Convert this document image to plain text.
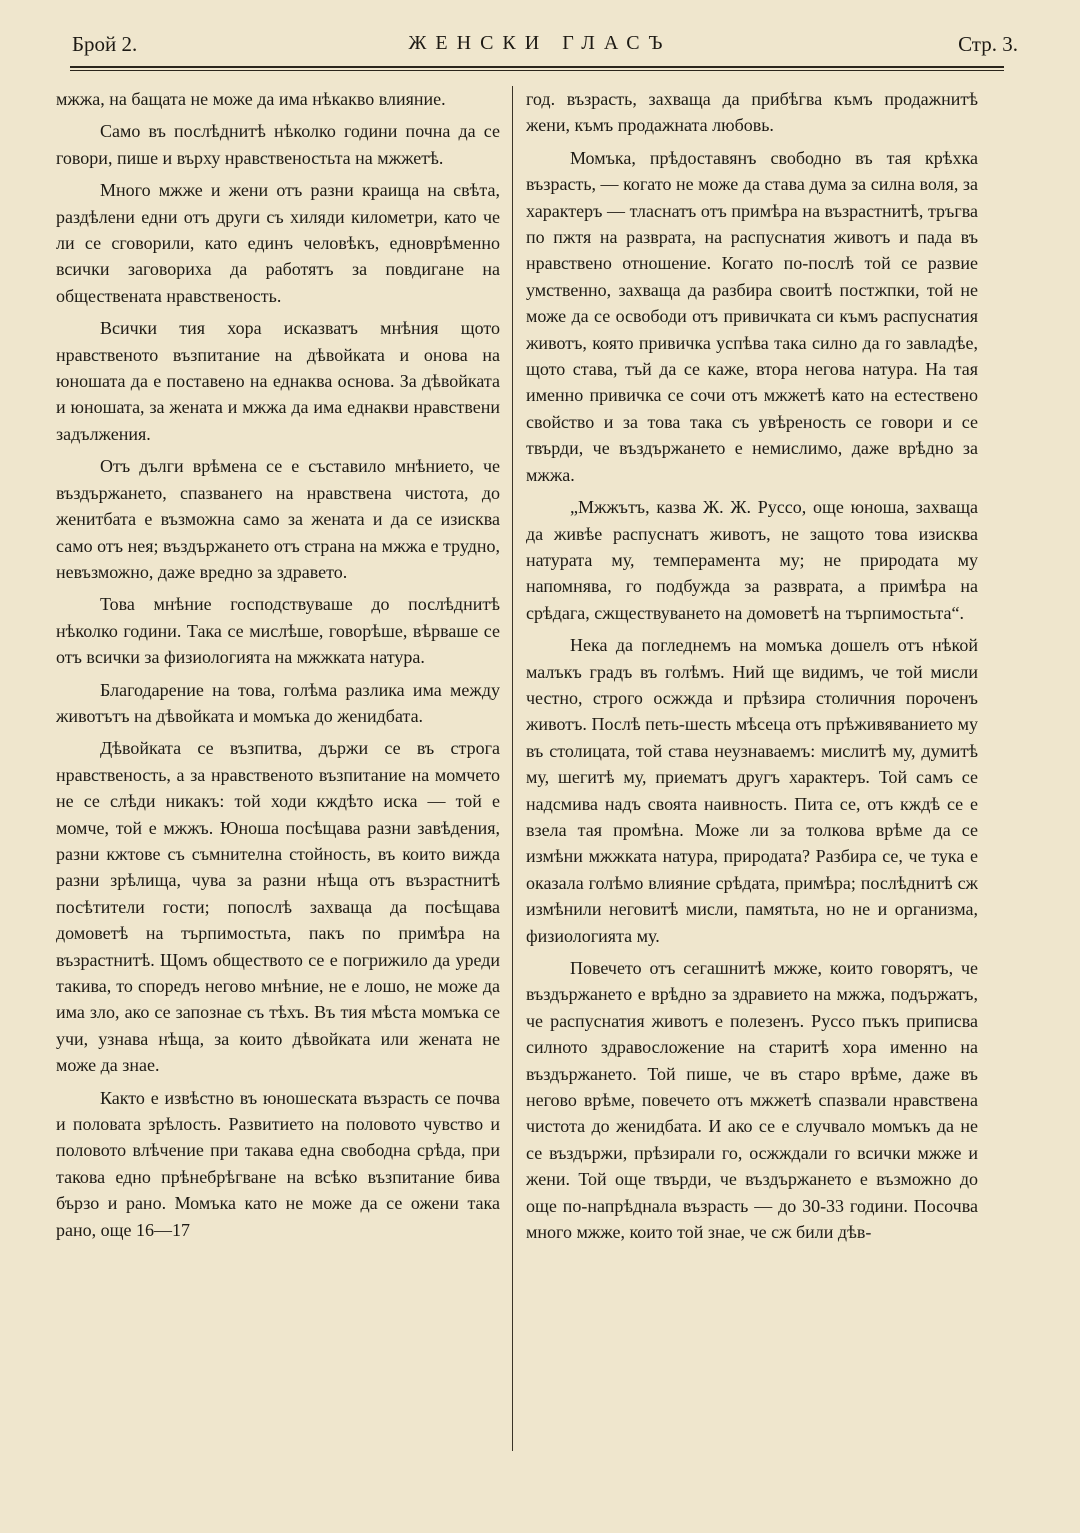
Брой 2.	ЖЕНСКИ ГЛАСЪ	Стр. 3.

мжжа, на бащата не може да има нѣкакво влияние.

Само въ послѣднитѣ нѣколко години почна да се говори, пише и върху нравственостьта на мжжетѣ.

Много мжже и жени отъ разни краища на свѣта, раздѣлени едни отъ други съ хиляди километри, като че ли се сговорили, като единъ человѣкъ, едноврѣменно всички заговориха да работятъ за повдигане на обществената нравственость.

Всички тия хора исказватъ мнѣния щото нравственото възпитание на дѣвойката и онова на юношата да е поставено на еднаква основа. За дѣвойката и юношата, за жената и мжжа да има еднакви нравствени задължения.

Отъ дълги врѣмена се е съставило мнѣнието, че въздържането, спазванего на нравствена чистота, до женитбата е възможна само за жената и да се изисква само отъ нея; въздържането отъ страна на мжжа е трудно, невъзможно, даже вредно за здравето.

Това мнѣние господствуваше до послѣднитѣ нѣколко години. Така се мислѣше, говорѣше, вѣрваше се отъ всички за физиологията на мжжката натура.

Благодарение на това, голѣма разлика има между животътъ на дѣвойката и момъка до женидбата.

Дѣвойката се възпитва, държи се въ строга нравственость, а за нравственото възпитание на момчето не се слѣди никакъ: той ходи кждѣто иска — той е момче, той е мжжъ. Юноша посѣщава разни завѣдения, разни кжтове съ съмнителна стойность, въ които вижда разни зрѣлища, чува за разни нѣща отъ възрастнитѣ посѣтители гости; попослѣ захваща да посѣщава домоветѣ на търпимостьта, пакъ по примѣра на възрастнитѣ. Щомъ обществото се е погрижило да уреди такива, то споредъ негово мнѣние, не е лошо, не може да има зло, ако се запознае съ тѣхъ. Въ тия мѣста момъка се учи, узнава нѣща, за които дѣвойката или жената не може да знае.

Както е извѣстно въ юношеската възрасть се почва и половата зрѣлость. Развитието на половото чувство и половото влѣчение при такава една свободна срѣда, при такова едно прѣнебрѣгване на всѣко възпитание бива бързо и рано. Момъка като не може да се ожени така рано, още 16—17

год. възрасть, захваща да прибѣгва къмъ продажнитѣ жени, къмъ продажната любовь.

Момъка, прѣдоставянъ свободно въ тая крѣхка възрасть, — когато не може да става дума за силна воля, за характеръ — тласнатъ отъ примѣра на възрастнитѣ, тръгва по пжтя на разврата, на распуснатия животъ и пада въ нравствено отношение. Когато по-послѣ той се развие умственно, захваща да разбира своитѣ постжпки, той не може да се освободи отъ привичката си къмъ распуснатия животъ, която привичка успѣва така силно да го завладѣе, щото става, тъй да се каже, втора негова натура. На тая именно привичка се сочи отъ мжжетѣ като на естествено свойство и за това така съ увѣреность се говори и се твърди, че въздържането е немислимо, даже врѣдно за мжжа.

„Мжжътъ, казва Ж. Ж. Руссо, още юноша, захваща да живѣе распуснатъ животъ, не защото това изисква натурата му, темперамента му; не природата му напомнява, го подбужда за разврата, а примѣра на срѣдага, сжществуването на домоветѣ на търпимостьта“.

Нека да погледнемъ на момъка дошелъ отъ нѣкой малъкъ градъ въ голѣмъ. Ний ще видимъ, че той мисли честно, строго осжжда и прѣзира столичния пороченъ животъ. Послѣ петь-шесть мѣсеца отъ прѣживяванието му въ столицата, той става неузнаваемъ: мислитѣ му, думитѣ му, шегитѣ му, приематъ другъ характеръ. Той самъ се надсмива надъ своята наивность. Пита се, отъ кждѣ се е взела тая промѣна. Може ли за толкова врѣме да се измѣни мжжката натура, природата? Разбира се, че тука е оказала голѣмо влияние срѣдата, примѣра; послѣднитѣ сж измѣнили неговитѣ мисли, памятьта, но не и организма, физиологията му.

Повечето отъ сегашнитѣ мжже, които говорятъ, че въздържането е врѣдно за здравието на мжжа, подържатъ, че распуснатия животъ е полезенъ. Руссо пъкъ приписва силното здравосложение на старитѣ хора именно на въздържането. Той пише, че въ старо врѣме, даже въ негово врѣме, повечето отъ мжжетѣ спазвали нравствена чистота до женидбата. И ако се е случвало момъкъ да не се въздържи, прѣзирали го, осжждали го всички мжже и жени. Той още твърди, че въздържането е възможно до още по-напрѣднала възрасть — до 30-33 години. Посочва много мжже, които той знае, че сж били дѣв-
